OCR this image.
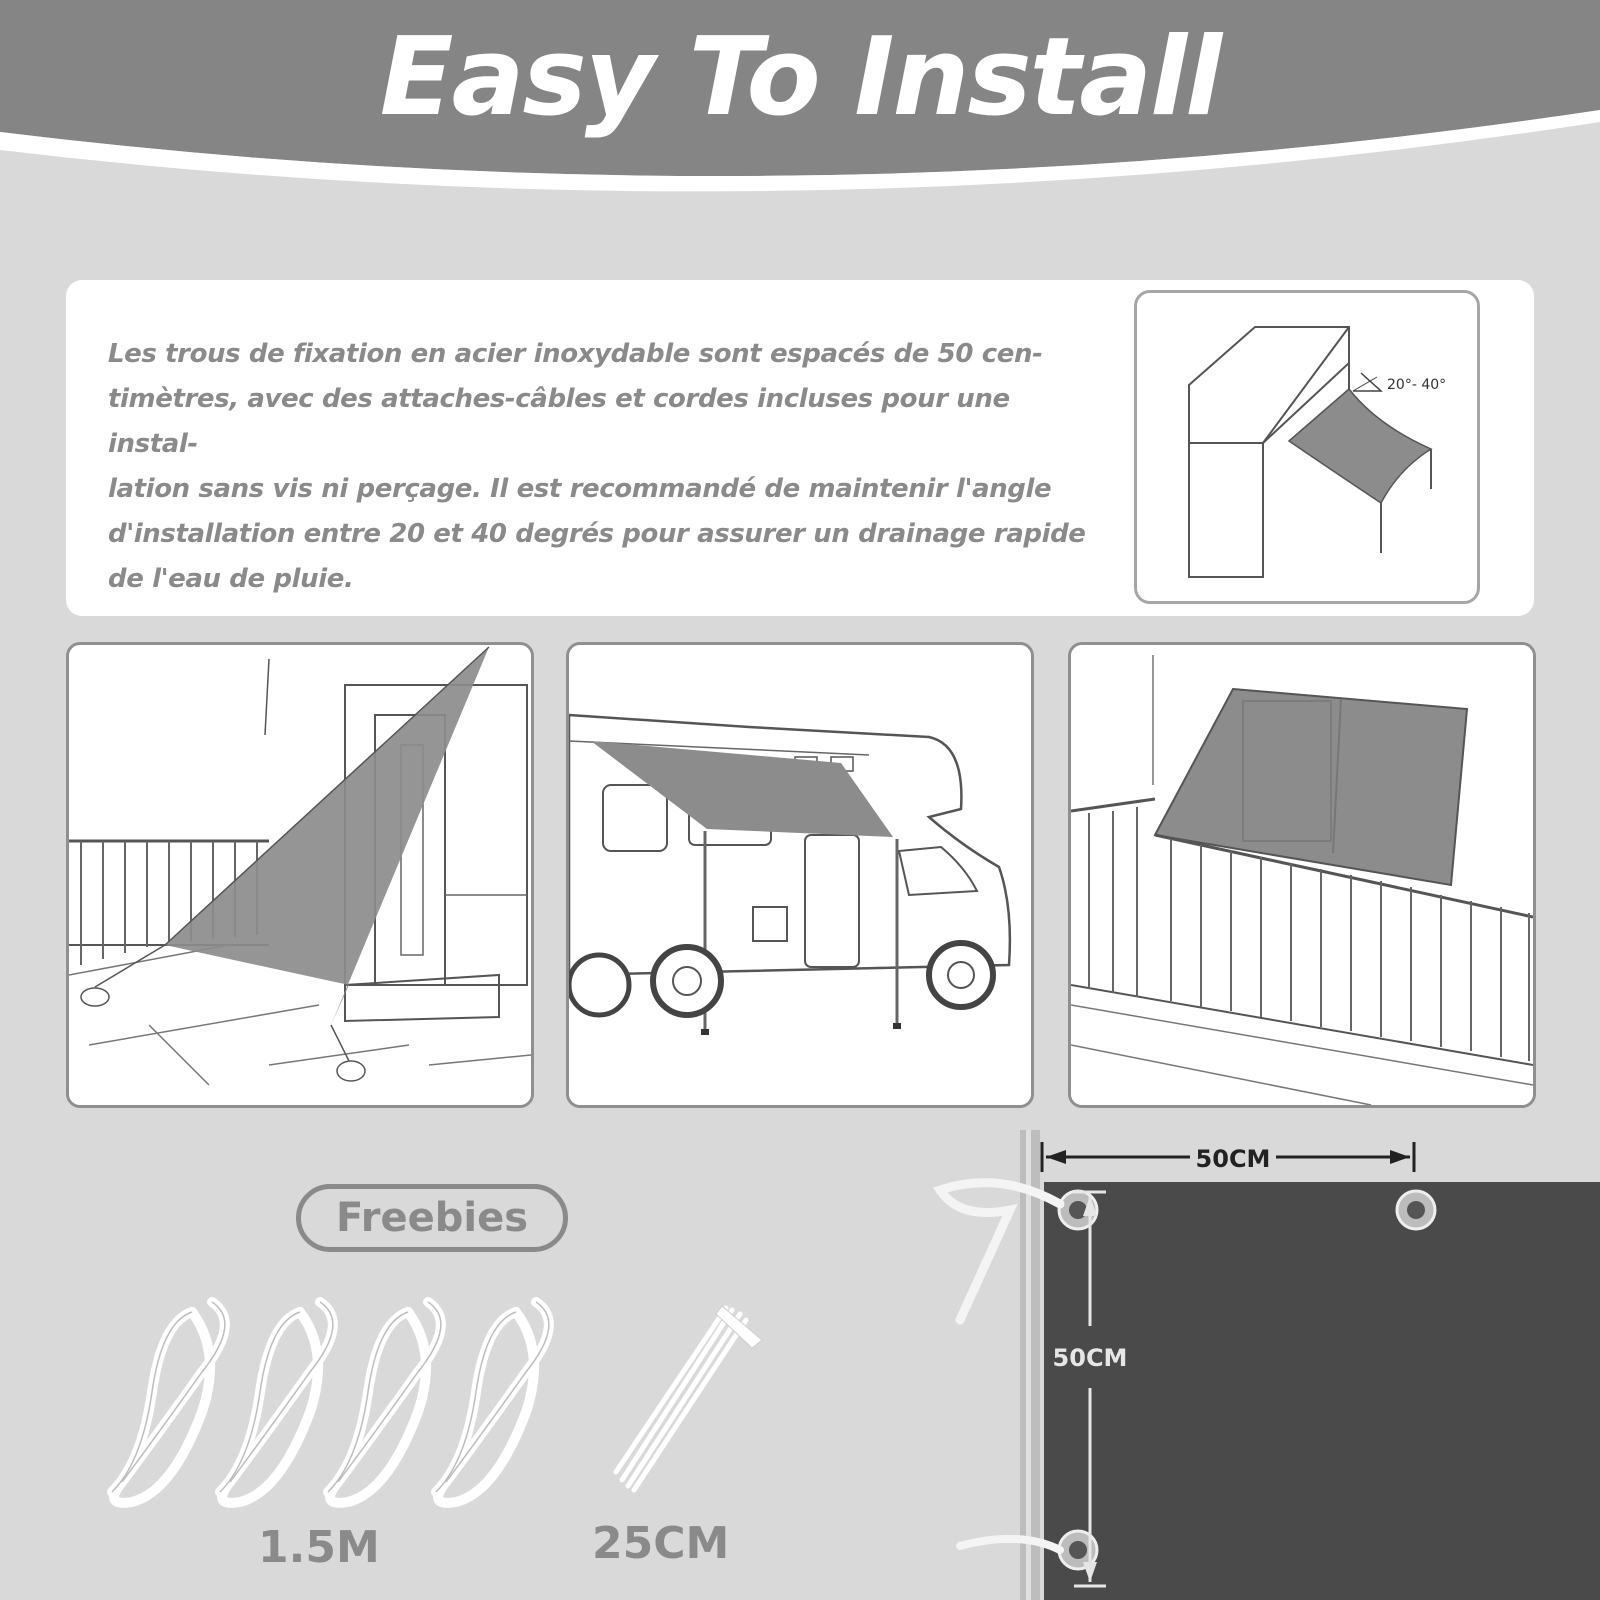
Easy To Install
Les trous de fixation en acier inoxydable sont espacés de 50 cen-
timètres, avec des attaches-câbles et cordes incluses pour une instal-
lation sans vis ni perçage. Il est recommandé de maintenir l'angle
d'installation entre 20 et 40 degrés pour assurer un drainage rapide
de l'eau de pluie.
20°- 40°
Freebies
1.5M	25CM
50CM
50CM
